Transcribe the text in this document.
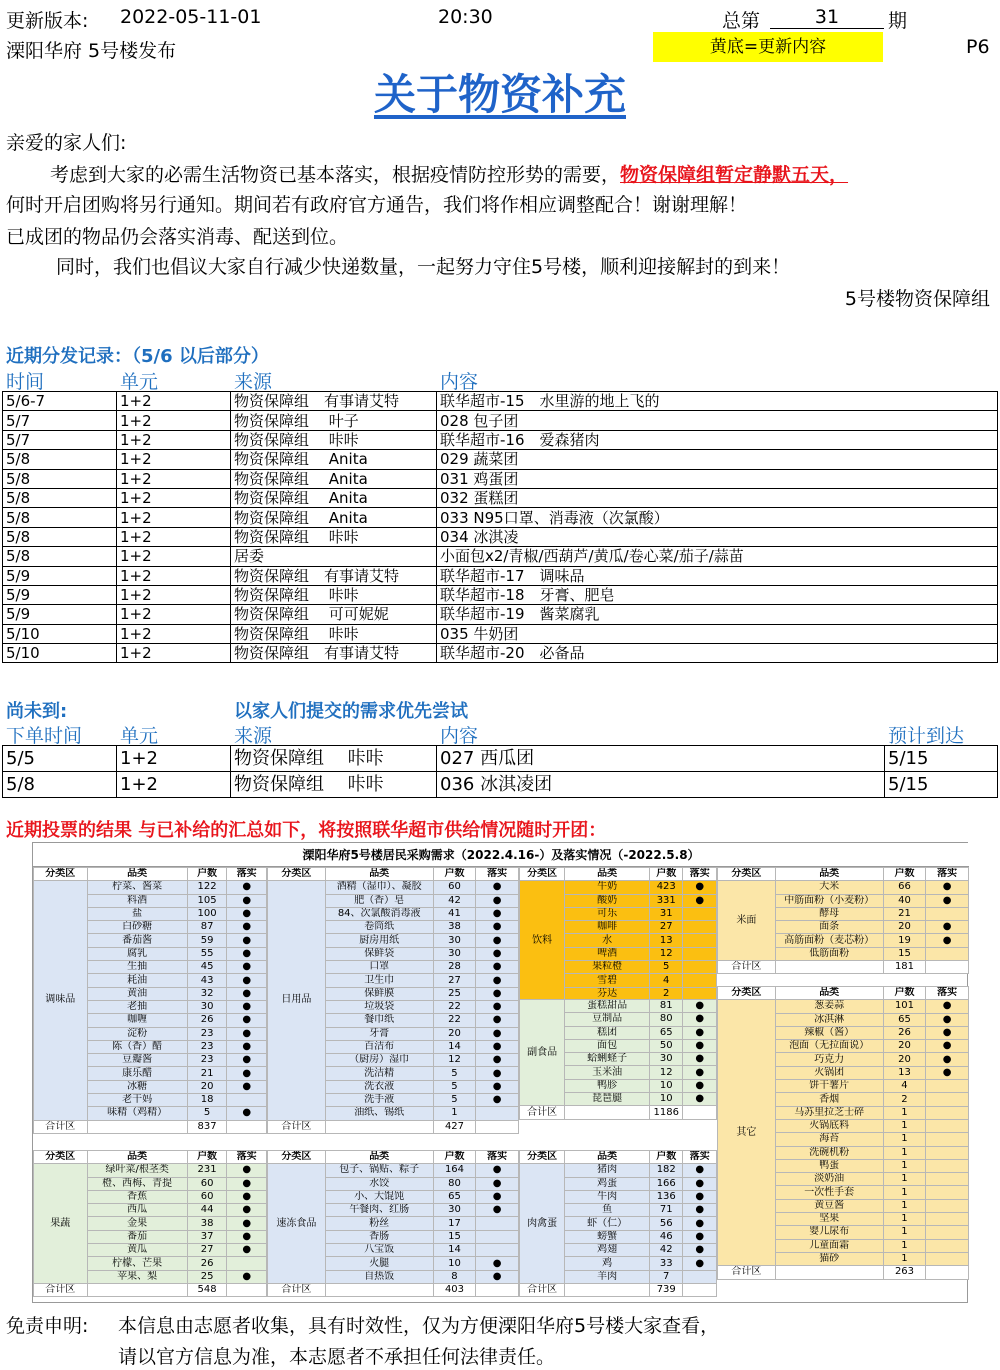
更新版本: 2022-05-11-01	20:30	总第	31	期
溧阳华府 5号楼发布	黄底=更新内容	P6
关于物资补充
亲爱的家人们:
考虑到大家的必需生活物资已基本落实，根据疫情防控形势的需要，物资保障组暂定静默五天，
何时开启团购将另行通知。期间若有政府官方通告，我们将作相应调整配合！谢谢理解！
已成团的物品仍会落实消毒、配送到位。
同时，我们也倡议大家自行减少快递数量，一起努力守住5号楼，顺利迎接解封的到来！
5号楼物资保障组
近期分发记录：（5/6 以后部分）
时间	单元	来源	内容
5/6-7	1+2	物资保障组　有事请艾特	联华超市-15　水里游的地上飞的
5/7	1+2	物资保障组　 叶子	028 包子团
5/7	1+2	物资保障组　 咔咔	联华超市-16　爱森猪肉
5/8	1+2	物资保障组　 Anita	029 蔬菜团
5/8	1+2	物资保障组　 Anita	031 鸡蛋团
5/8	1+2	物资保障组　 Anita	032 蛋糕团
5/8	1+2	物资保障组　 Anita	033 N95口罩、消毒液（次氯酸）
5/8	1+2	物资保障组　 咔咔	034 冰淇凌
5/8	1+2	居委	小面包x2/青椒/西葫芦/黄瓜/卷心菜/茄子/蒜苗
5/9	1+2	物资保障组　有事请艾特	联华超市-17　调味品
5/9	1+2	物资保障组　 咔咔	联华超市-18　牙膏、肥皂
5/9	1+2	物资保障组　 可可妮妮	联华超市-19　酱菜腐乳
5/10	1+2	物资保障组　 咔咔	035 牛奶团
5/10	1+2	物资保障组　有事请艾特	联华超市-20　必备品
尚未到:	以家人们提交的需求优先尝试
下单时间 单元	来源	内容	预计到达
5/5	1+2	物资保障组　 咔咔	027 西瓜团	5/15
5/8	1+2	物资保障组　 咔咔	036 冰淇凌团	5/15
近期投票的结果 与已补给的汇总如下，将按照联华超市供给情况随时开团：
溧阳华府5号楼居民采购需求（2022.4.16-）及落实情况（-2022.5.8）
分类区	品类	户数	落实
调味品	柠菜、酱菜	122	●
	料酒	105	●
	盐	100	●
	白砂糖	87	●
	番茄酱	59	●
	腐乳	55	●
	生抽	45	●
	耗油	43	●
	黄油	32	●
	老抽	30	●
	咖喱	26	●
	淀粉	23	●
	陈（香）醋	23	●
	豆瓣酱	23	●
	康乐醋	21	●
	冰糖	20	●
	老干妈	18	
	味精（鸡精）	5	●
合计区		837	
分类区	品类	户数	落实
日用品	酒精（湿巾）、凝胶	60	●
	肥（香）皂	42	●
	84、次氯酸消毒液	41	●
	卷筒纸	38	●
	厨房用纸	30	●
	保鲜袋	30	●
	口罩	28	●
	卫生巾	27	●
	保鲜膜	25	●
	垃圾袋	22	●
	餐巾纸	22	●
	牙膏	20	●
	百洁布	14	●
	（厨房）湿巾	12	●
	洗洁精	5	●
	洗衣液	5	●
	洗手液	5	●
	油纸、锡纸	1	
合计区		427	
分类区	品类	户数	落实
饮料	牛奶	423	●
	酸奶	331	●
	可乐	31	
	咖啡	27	
	水	13	
	啤酒	12	
	果粒橙	5	
	雪碧	4	
	芬达	2	
副食品	蛋糕甜品	81	●
	豆制品	80	●
	糕团	65	●
	面包	50	●
	蛤蜊蛏子	30	●
	玉米油	12	●
	鸭胗	10	●
	琵琶腿	10	●
合计区		1186	
分类区	品类	户数	落实
米面	大米	66	●
	中筋面粉（小麦粉）	40	●
	酵母	21	
	面条	20	●
	高筋面粉（麦芯粉）	19	●
	低筋面粉	15	
合计区		181	
分类区	品类	户数	落实
其它	葱姜蒜	101	●
	冰淇淋	65	●
	辣椒（酱）	26	●
	泡面（无拉面说）	20	●
	巧克力	20	●
	火锅团	13	●
	饼干薯片	4	
	香烟	2	
	马苏里拉芝士碎	1	
	火锅底料	1	
	海苔	1	
	洗碗机粉	1	
	鸭蛋	1	
	淡奶油	1	
	一次性手套	1	
	黄豆酱	1	
	坚果	1	
	婴儿尿布	1	
	儿童面霜	1	
	猫砂	1	
合计区		263	
分类区	品类	户数	落实
果蔬	绿叶菜/根茎类	231	●
	橙、西梅、青提	60	●
	香蕉	60	●
	西瓜	44	●
	金果	38	●
	番茄	37	●
	黄瓜	27	●
	柠檬、芒果	26	
	苹果、梨	25	●
合计区		548	
分类区	品类	户数	落实
速冻食品	包子、锅贴、粽子	164	●
	水饺	80	●
	小、大馄饨	65	●
	午餐肉、红肠	30	●
	粉丝	17	
	香肠	15	
	八宝饭	14	
	火腿	10	●
	自热饭	8	●
合计区		403	
分类区	品类	户数	落实
肉禽蛋	猪肉	182	●
	鸡蛋	166	●
	牛肉	136	●
	鱼	71	●
	虾（仁）	56	●
	螃蟹	46	●
	鸡翅	42	●
	鸡	33	●
	羊肉	7	
合计区		739	
免责申明: 本信息由志愿者收集，具有时效性，仅为方便溧阳华府5号楼大家查看，
请以官方信息为准，本志愿者不承担任何法律责任。
